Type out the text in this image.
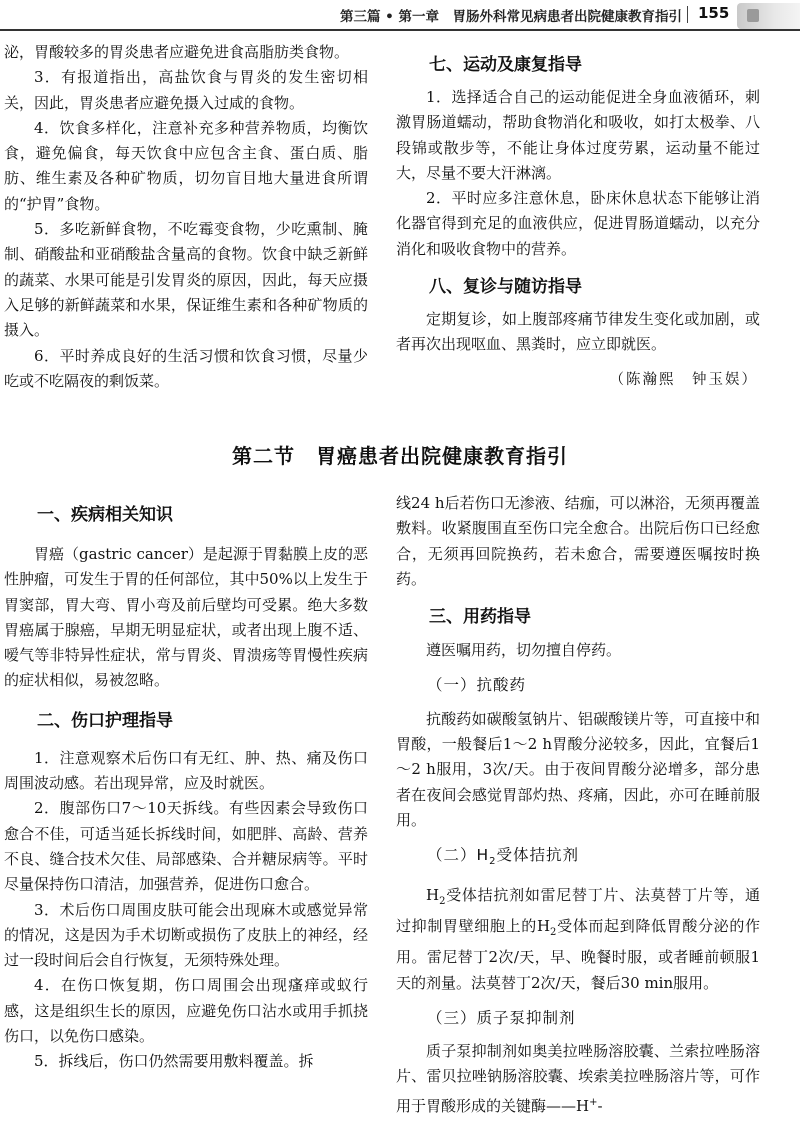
第三篇 • 第一章　胃肠外科常见病患者出院健康教育指引 155

泌，胃酸较多的胃炎患者应避免进食高脂肪类食物。

3．有报道指出，高盐饮食与胃炎的发生密切相关，因此，胃炎患者应避免摄入过咸的食物。

4．饮食多样化，注意补充多种营养物质，均衡饮食，避免偏食，每天饮食中应包含主食、蛋白质、脂肪、维生素及各种矿物质，切勿盲目地大量进食所谓的“护胃”食物。

5．多吃新鲜食物，不吃霉变食物，少吃熏制、腌制、硝酸盐和亚硝酸盐含量高的食物。饮食中缺乏新鲜的蔬菜、水果可能是引发胃炎的原因，因此，每天应摄入足够的新鲜蔬菜和水果，保证维生素和各种矿物质的摄入。

6．平时养成良好的生活习惯和饮食习惯，尽量少吃或不吃隔夜的剩饭菜。

七、运动及康复指导

1．选择适合自己的运动能促进全身血液循环，刺激胃肠道蠕动，帮助食物消化和吸收，如打太极拳、八段锦或散步等，不能让身体过度劳累，运动量不能过大，尽量不要大汗淋漓。

2．平时应多注意休息，卧床休息状态下能够让消化器官得到充足的血液供应，促进胃肠道蠕动，以充分消化和吸收食物中的营养。

八、复诊与随访指导

定期复诊，如上腹部疼痛节律发生变化或加剧，或者再次出现呕血、黑粪时，应立即就医。

（陈瀚熙　钟玉娱）

第二节　胃癌患者出院健康教育指引

一、疾病相关知识

胃癌（gastric cancer）是起源于胃黏膜上皮的恶性肿瘤，可发生于胃的任何部位，其中50%以上发生于胃窦部，胃大弯、胃小弯及前后壁均可受累。绝大多数胃癌属于腺癌，早期无明显症状，或者出现上腹不适、嗳气等非特异性症状，常与胃炎、胃溃疡等胃慢性疾病的症状相似，易被忽略。

二、伤口护理指导

1．注意观察术后伤口有无红、肿、热、痛及伤口周围波动感。若出现异常，应及时就医。

2．腹部伤口7～10天拆线。有些因素会导致伤口愈合不佳，可适当延长拆线时间，如肥胖、高龄、营养不良、缝合技术欠佳、局部感染、合并糖尿病等。平时尽量保持伤口清洁，加强营养，促进伤口愈合。

3．术后伤口周围皮肤可能会出现麻木或感觉异常的情况，这是因为手术切断或损伤了皮肤上的神经，经过一段时间后会自行恢复，无须特殊处理。

4．在伤口恢复期，伤口周围会出现瘙痒或蚁行感，这是组织生长的原因，应避免伤口沾水或用手抓挠伤口，以免伤口感染。

5．拆线后，伤口仍然需要用敷料覆盖。拆

线24 h后若伤口无渗液、结痂，可以淋浴，无须再覆盖敷料。收紧腹围直至伤口完全愈合。出院后伤口已经愈合，无须再回院换药，若未愈合，需要遵医嘱按时换药。

三、用药指导

遵医嘱用药，切勿擅自停药。

（一）抗酸药

抗酸药如碳酸氢钠片、铝碳酸镁片等，可直接中和胃酸，一般餐后1～2 h胃酸分泌较多，因此，宜餐后1～2 h服用，3次/天。由于夜间胃酸分泌增多，部分患者在夜间会感觉胃部灼热、疼痛，因此，亦可在睡前服用。

（二）$H_2$受体拮抗剂

$H_2$受体拮抗剂如雷尼替丁片、法莫替丁片等，通过抑制胃壁细胞上的$H_2$受体而起到降低胃酸分泌的作用。雷尼替丁2次/天，早、晚餐时服，或者睡前顿服1天的剂量。法莫替丁2次/天，餐后30 min服用。

（三）质子泵抑制剂

质子泵抑制剂如奥美拉唑肠溶胶囊、兰索拉唑肠溶片、雷贝拉唑钠肠溶胶囊、埃索美拉唑肠溶片等，可作用于胃酸形成的关键酶——H+-
